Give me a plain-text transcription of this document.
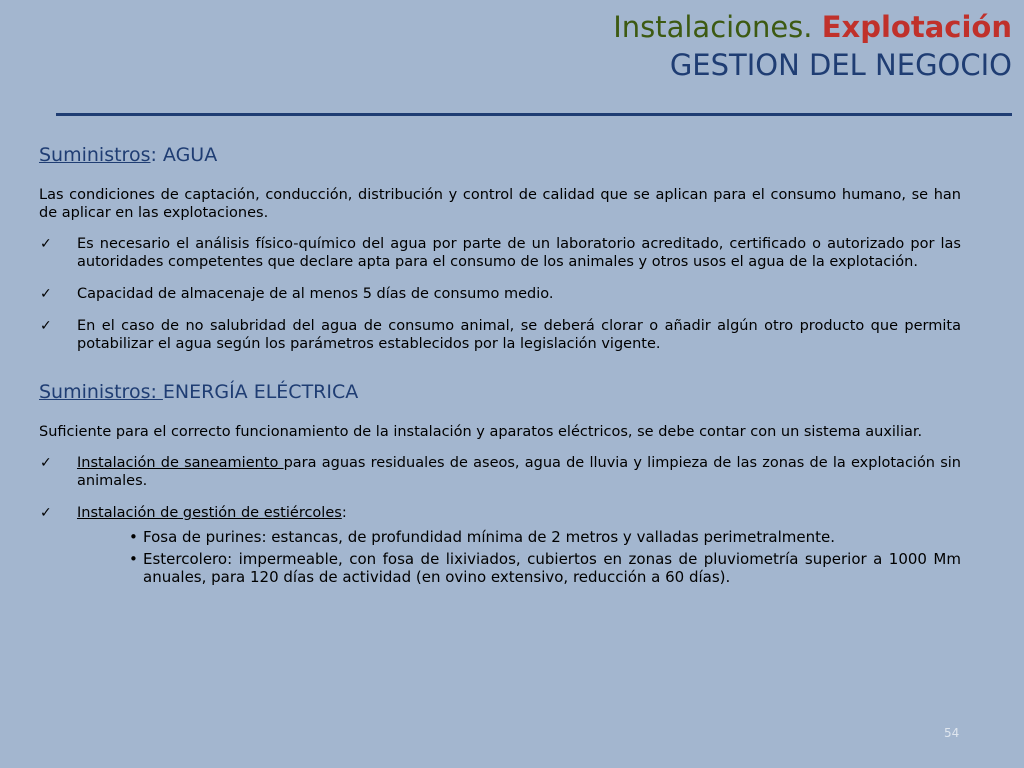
Instalaciones. Explotación
GESTION DEL NEGOCIO
Suministros: AGUA

Las condiciones de captación, conducción, distribución y control de calidad que se aplican para el consumo humano, se han de aplicar en las explotaciones.

✓ Es necesario el análisis físico-químico del agua por parte de un laboratorio acreditado, certificado o autorizado por las autoridades competentes que declare apta para el consumo de los animales y otros usos el agua de la explotación.
✓ Capacidad de almacenaje de al menos 5 días de consumo medio.
✓ En el caso de no salubridad del agua de consumo animal, se deberá clorar o añadir algún otro producto que permita potabilizar el agua según los parámetros establecidos por la legislación vigente.
Suministros: ENERGÍA ELÉCTRICA

Suficiente para el correcto funcionamiento de la instalación y aparatos eléctricos, se debe contar con un sistema auxiliar.

✓ Instalación de saneamiento para aguas residuales de aseos, agua de lluvia y limpieza de las zonas de la explotación sin animales.
✓ Instalación de gestión de estiércoles:
• Fosa de purines: estancas, de profundidad mínima de 2 metros y valladas perimetralmente.
• Estercolero: impermeable, con fosa de lixiviados, cubiertos en zonas de pluviometría superior a 1000 Mm anuales, para 120 días de actividad (en ovino extensivo, reducción a 60 días).
54
